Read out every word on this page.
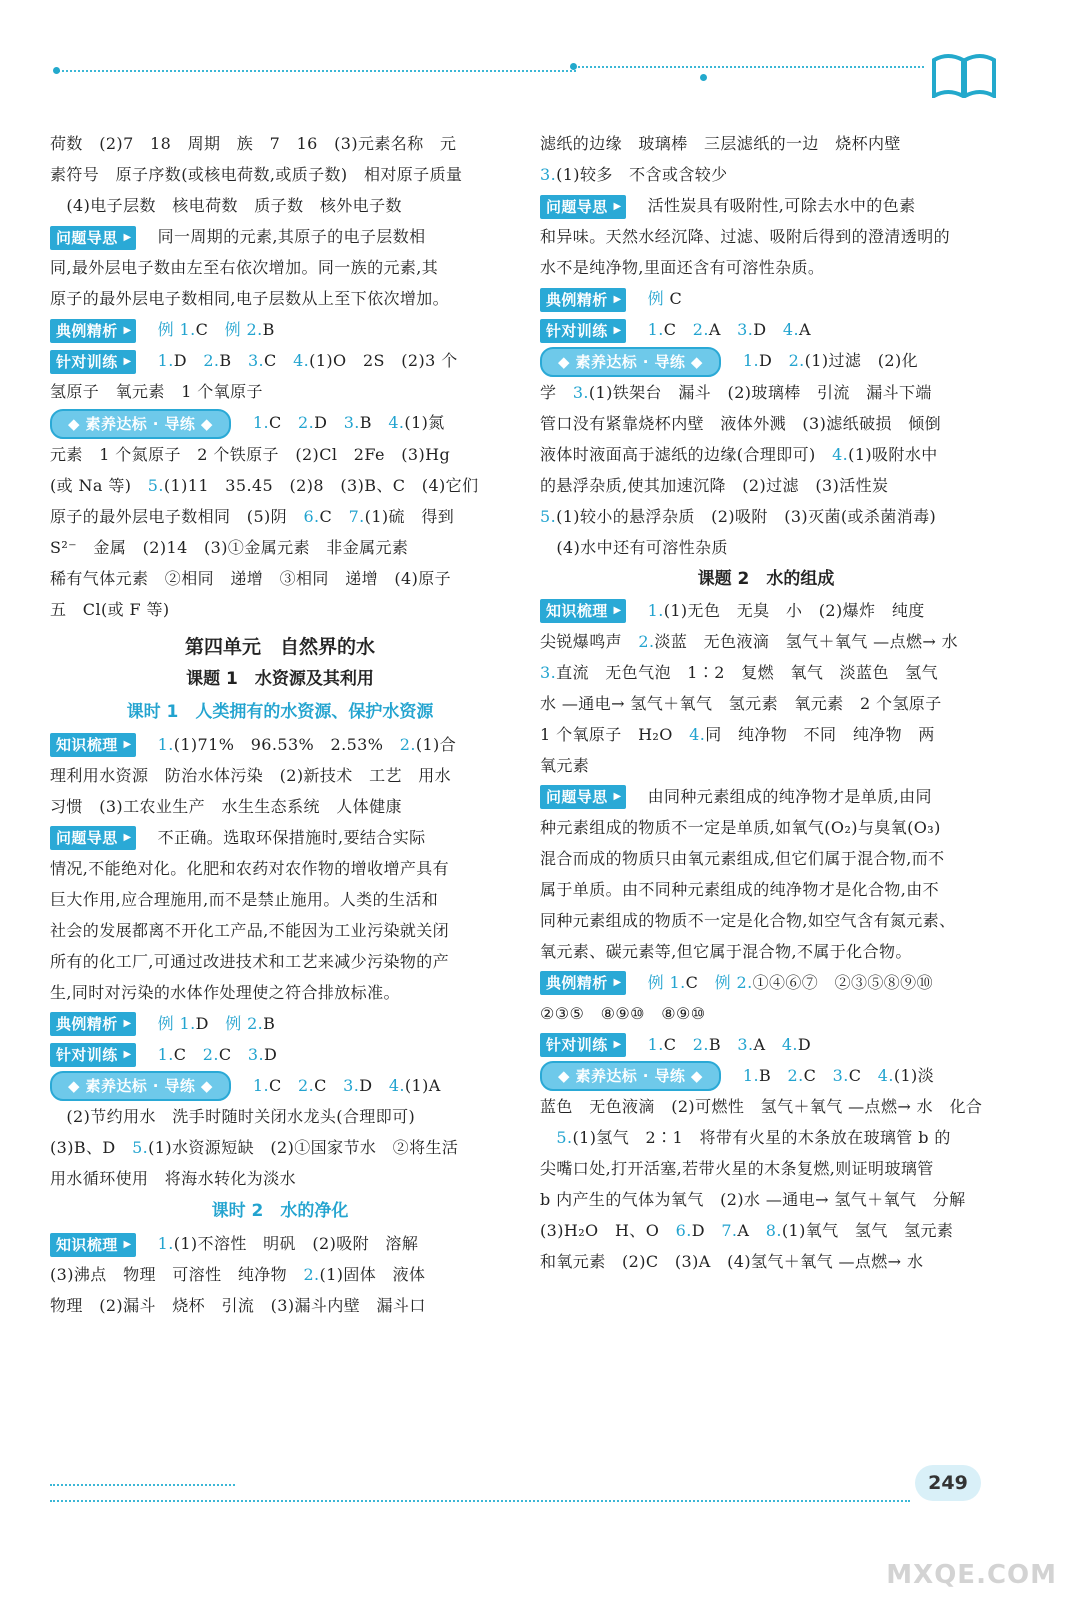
荷数　(2)7　18　周期　族　7　16　(3)元素名称　元

素符号　原子序数(或核电荷数,或质子数)　相对原子质量

　(4)电子层数　核电荷数　质子数　核外电子数

问题导思 ▶	同一周期的元素,其原子的电子层数相

同,最外层电子数由左至右依次增加。同一族的元素,其

原子的最外层电子数相同,电子层数从上至下依次增加。

典例精析 ▶	例 1.C　例 2.B

针对训练 ▶	1.D　2.B　3.C　4.(1)O　2S　(2)3 个

氢原子　氧元素　1 个氧原子

◆ 素养达标 · 导练 ◆	1.C　2.D　3.B　4.(1)氮

元素　1 个氮原子　2 个铁原子　(2)Cl　2Fe　(3)Hg

(或 Na 等)　5.(1)11　35.45　(2)8　(3)B、C　(4)它们

原子的最外层电子数相同　(5)阴　6.C　7.(1)硫　得到

S²⁻　金属　(2)14　(3)①金属元素　非金属元素

稀有气体元素　②相同　递增　③相同　递增　(4)原子

五　Cl(或 F 等)

第四单元　自然界的水
课题 1　水资源及其利用
课时 1　人类拥有的水资源、保护水资源

知识梳理 ▶	1.(1)71%　96.53%　2.53%　2.(1)合

理利用水资源　防治水体污染　(2)新技术　工艺　用水

习惯　(3)工农业生产　水生生态系统　人体健康

问题导思 ▶	不正确。选取环保措施时,要结合实际

情况,不能绝对化。化肥和农药对农作物的增收增产具有

巨大作用,应合理施用,而不是禁止施用。人类的生活和

社会的发展都离不开化工产品,不能因为工业污染就关闭

所有的化工厂,可通过改进技术和工艺来减少污染物的产

生,同时对污染的水体作处理使之符合排放标准。

典例精析 ▶	例 1.D　例 2.B

针对训练 ▶	1.C　2.C　3.D

◆ 素养达标 · 导练 ◆	1.C　2.C　3.D　4.(1)A

　(2)节约用水　洗手时随时关闭水龙头(合理即可)

(3)B、D　5.(1)水资源短缺　(2)①国家节水　②将生活

用水循环使用　将海水转化为淡水

课时 2　水的净化

知识梳理 ▶	1.(1)不溶性　明矾　(2)吸附　溶解

(3)沸点　物理　可溶性　纯净物　2.(1)固体　液体

物理　(2)漏斗　烧杯　引流　(3)漏斗内壁　漏斗口

滤纸的边缘　玻璃棒　三层滤纸的一边　烧杯内壁

3.(1)较多　不含或含较少

问题导思 ▶	活性炭具有吸附性,可除去水中的色素

和异味。天然水经沉降、过滤、吸附后得到的澄清透明的

水不是纯净物,里面还含有可溶性杂质。

典例精析 ▶	例 C

针对训练 ▶	1.C　2.A　3.D　4.A

◆ 素养达标 · 导练 ◆	1.D　2.(1)过滤　(2)化

学　3.(1)铁架台　漏斗　(2)玻璃棒　引流　漏斗下端

管口没有紧靠烧杯内壁　液体外溅　(3)滤纸破损　倾倒

液体时液面高于滤纸的边缘(合理即可)　4.(1)吸附水中

的悬浮杂质,使其加速沉降　(2)过滤　(3)活性炭

5.(1)较小的悬浮杂质　(2)吸附　(3)灭菌(或杀菌消毒)

　(4)水中还有可溶性杂质

课题 2　水的组成

知识梳理 ▶	1.(1)无色　无臭　小　(2)爆炸　纯度

尖锐爆鸣声　2.淡蓝　无色液滴　氢气＋氧气 —点燃→ 水

3.直流　无色气泡　1∶2　复燃　氧气　淡蓝色　氢气

水 —通电→ 氢气＋氧气　氢元素　氧元素　2 个氢原子

1 个氧原子　H₂O　4.同　纯净物　不同　纯净物　两

氧元素

问题导思 ▶	由同种元素组成的纯净物才是单质,由同

种元素组成的物质不一定是单质,如氧气(O₂)与臭氧(O₃)

混合而成的物质只由氧元素组成,但它们属于混合物,而不

属于单质。由不同种元素组成的纯净物才是化合物,由不

同种元素组成的物质不一定是化合物,如空气含有氮元素、

氧元素、碳元素等,但它属于混合物,不属于化合物。

典例精析 ▶	例 1.C　例 2.①④⑥⑦　②③⑤⑧⑨⑩

②③⑤　⑧⑨⑩　⑧⑨⑩

针对训练 ▶	1.C　2.B　3.A　4.D

◆ 素养达标 · 导练 ◆	1.B　2.C　3.C　4.(1)淡

蓝色　无色液滴　(2)可燃性　氢气＋氧气 —点燃→ 水　化合

　5.(1)氢气　2∶1　将带有火星的木条放在玻璃管 b 的

尖嘴口处,打开活塞,若带火星的木条复燃,则证明玻璃管

b 内产生的气体为氧气　(2)水 —通电→ 氢气＋氧气　分解

(3)H₂O　H、O　6.D　7.A　8.(1)氧气　氢气　氢元素

和氧元素　(2)C　(3)A　(4)氢气＋氧气 —点燃→ 水

249
MXQE.COM
